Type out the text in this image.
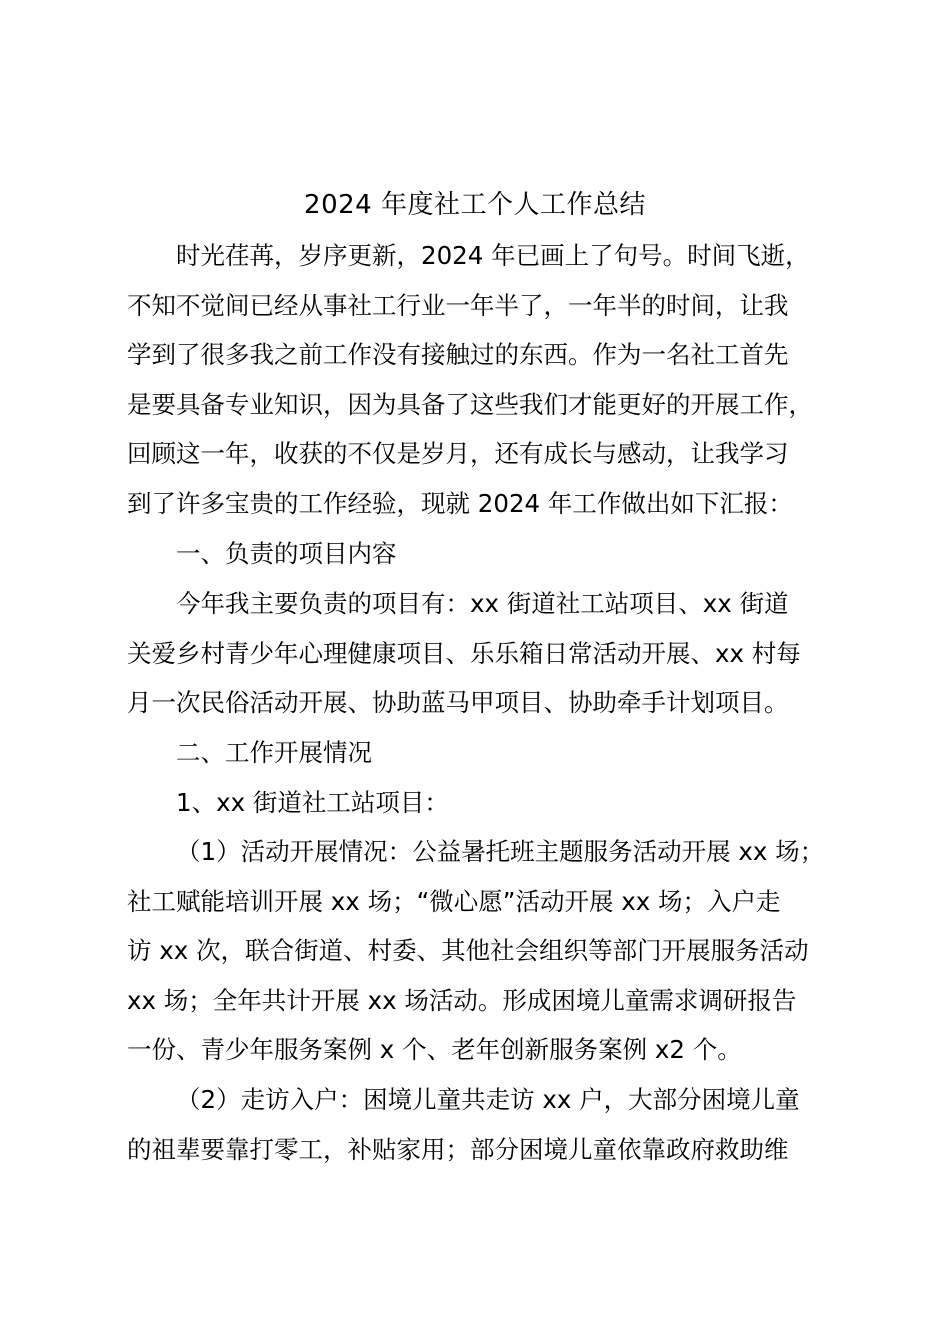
2024 年度社工个人工作总结
时光荏苒，岁序更新，2024 年已画上了句号。时间飞逝，
不知不觉间已经从事社工行业一年半了，一年半的时间，让我
学到了很多我之前工作没有接触过的东西。作为一名社工首先
是要具备专业知识，因为具备了这些我们才能更好的开展工作，
回顾这一年，收获的不仅是岁月，还有成长与感动，让我学习
到了许多宝贵的工作经验，现就 2024 年工作做出如下汇报：
一、负责的项目内容
今年我主要负责的项目有：xx 街道社工站项目、xx 街道
关爱乡村青少年心理健康项目、乐乐箱日常活动开展、xx 村每
月一次民俗活动开展、协助蓝马甲项目、协助牵手计划项目。
二、工作开展情况
1、xx 街道社工站项目：
（1）活动开展情况：公益暑托班主题服务活动开展 xx 场；
社工赋能培训开展 xx 场；“微心愿”活动开展 xx 场；入户走
访 xx 次，联合街道、村委、其他社会组织等部门开展服务活动
xx 场；全年共计开展 xx 场活动。形成困境儿童需求调研报告
一份、青少年服务案例 x 个、老年创新服务案例 x2 个。
（2）走访入户：困境儿童共走访 xx 户，大部分困境儿童
的祖辈要靠打零工，补贴家用；部分困境儿童依靠政府救助维
